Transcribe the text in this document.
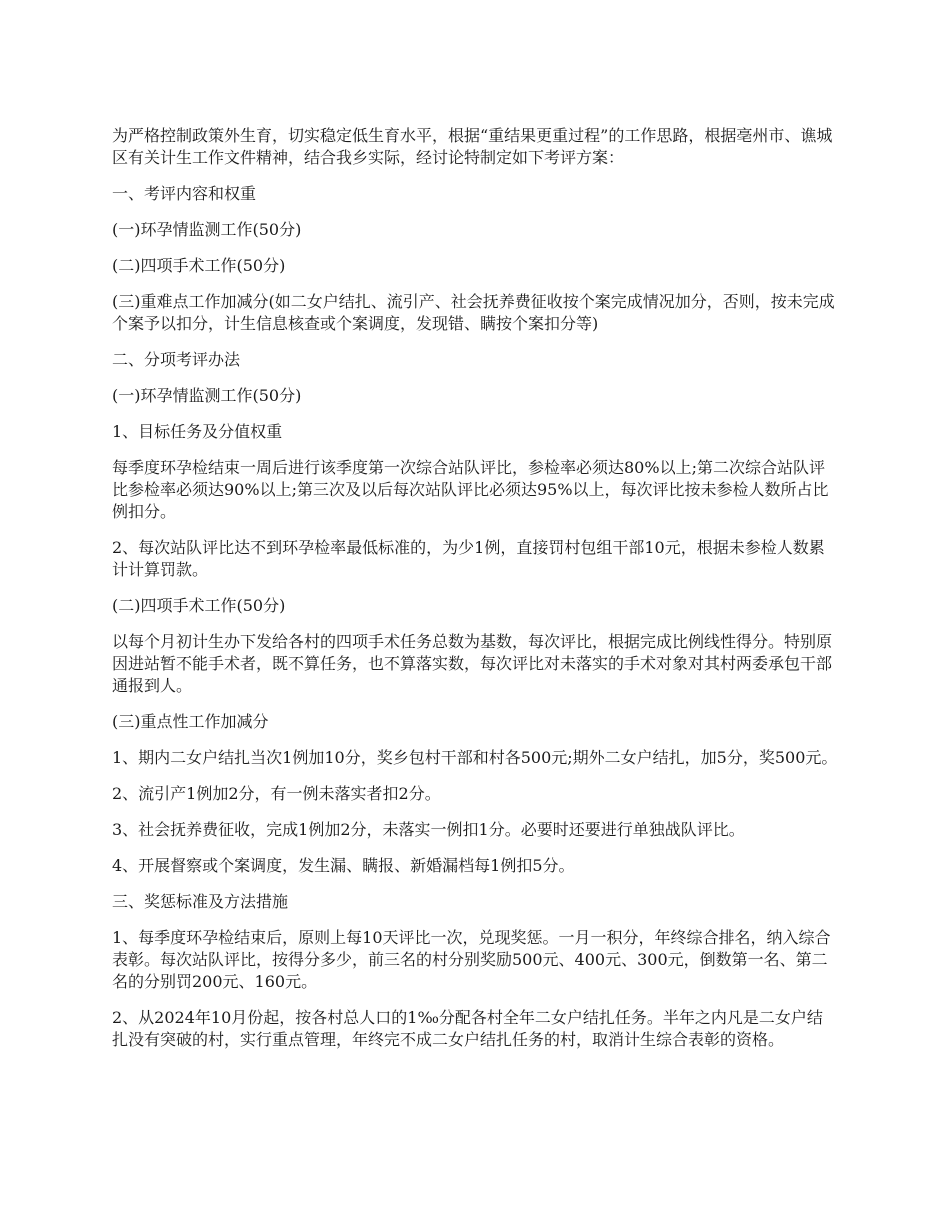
为严格控制政策外生育，切实稳定低生育水平，根据“重结果更重过程”的工作思路，根据亳州市、谯城区有关计生工作文件精神，结合我乡实际，经讨论特制定如下考评方案：

一、考评内容和权重

(一)环孕情监测工作(50分)

(二)四项手术工作(50分)

(三)重难点工作加减分(如二女户结扎、流引产、社会抚养费征收按个案完成情况加分，否则，按未完成个案予以扣分，计生信息核查或个案调度，发现错、瞒按个案扣分等)

二、分项考评办法

(一)环孕情监测工作(50分)

1、目标任务及分值权重

每季度环孕检结束一周后进行该季度第一次综合站队评比，参检率必须达80%以上;第二次综合站队评比参检率必须达90%以上;第三次及以后每次站队评比必须达95%以上，每次评比按未参检人数所占比例扣分。

2、每次站队评比达不到环孕检率最低标准的，为少1例，直接罚村包组干部10元，根据未参检人数累计计算罚款。

(二)四项手术工作(50分)

以每个月初计生办下发给各村的四项手术任务总数为基数，每次评比，根据完成比例线性得分。特别原因进站暂不能手术者，既不算任务，也不算落实数，每次评比对未落实的手术对象对其村两委承包干部通报到人。

(三)重点性工作加减分

1、期内二女户结扎当次1例加10分，奖乡包村干部和村各500元;期外二女户结扎，加5分，奖500元。

2、流引产1例加2分，有一例未落实者扣2分。

3、社会抚养费征收，完成1例加2分，未落实一例扣1分。必要时还要进行单独战队评比。

4、开展督察或个案调度，发生漏、瞒报、新婚漏档每1例扣5分。

三、奖惩标准及方法措施

1、每季度环孕检结束后，原则上每10天评比一次，兑现奖惩。一月一积分，年终综合排名，纳入综合表彰。每次站队评比，按得分多少，前三名的村分别奖励500元、400元、300元，倒数第一名、第二名的分别罚200元、160元。

2、从2024年10月份起，按各村总人口的1‰分配各村全年二女户结扎任务。半年之内凡是二女户结扎没有突破的村，实行重点管理，年终完不成二女户结扎任务的村，取消计生综合表彰的资格。
